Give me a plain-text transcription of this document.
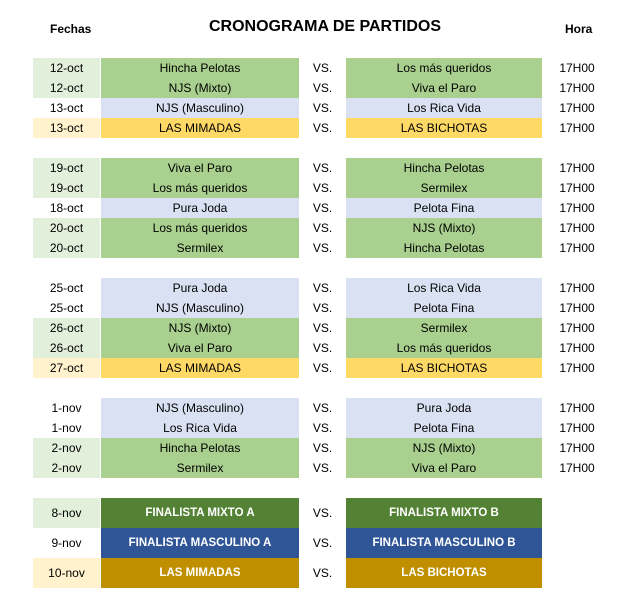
Fechas	CRONOGRAMA DE PARTIDOS	Hora
12-oct	Hincha Pelotas	VS.	Los más queridos	17H00
12-oct	NJS (Mixto)	VS.	Viva el Paro	17H00
13-oct	NJS (Masculino)	VS.	Los Rica Vida	17H00
13-oct	LAS MIMADAS	VS.	LAS BICHOTAS	17H00
19-oct	Viva el Paro	VS.	Hincha Pelotas	17H00
19-oct	Los más queridos	VS.	Sermilex	17H00
18-oct	Pura Joda	VS.	Pelota Fina	17H00
20-oct	Los más queridos	VS.	NJS (Mixto)	17H00
20-oct	Sermilex	VS.	Hincha Pelotas	17H00
25-oct	Pura Joda	VS.	Los Rica Vida	17H00
25-oct	NJS (Masculino)	VS.	Pelota Fina	17H00
26-oct	NJS (Mixto)	VS.	Sermilex	17H00
26-oct	Viva el Paro	VS.	Los más queridos	17H00
27-oct	LAS MIMADAS	VS.	LAS BICHOTAS	17H00
1-nov	NJS (Masculino)	VS.	Pura Joda	17H00
1-nov	Los Rica Vida	VS.	Pelota Fina	17H00
2-nov	Hincha Pelotas	VS.	NJS (Mixto)	17H00
2-nov	Sermilex	VS.	Viva el Paro	17H00
8-nov	FINALISTA MIXTO A	VS.	FINALISTA MIXTO B
9-nov	FINALISTA MASCULINO A	VS.	FINALISTA MASCULINO B
10-nov	LAS MIMADAS	VS.	LAS BICHOTAS
